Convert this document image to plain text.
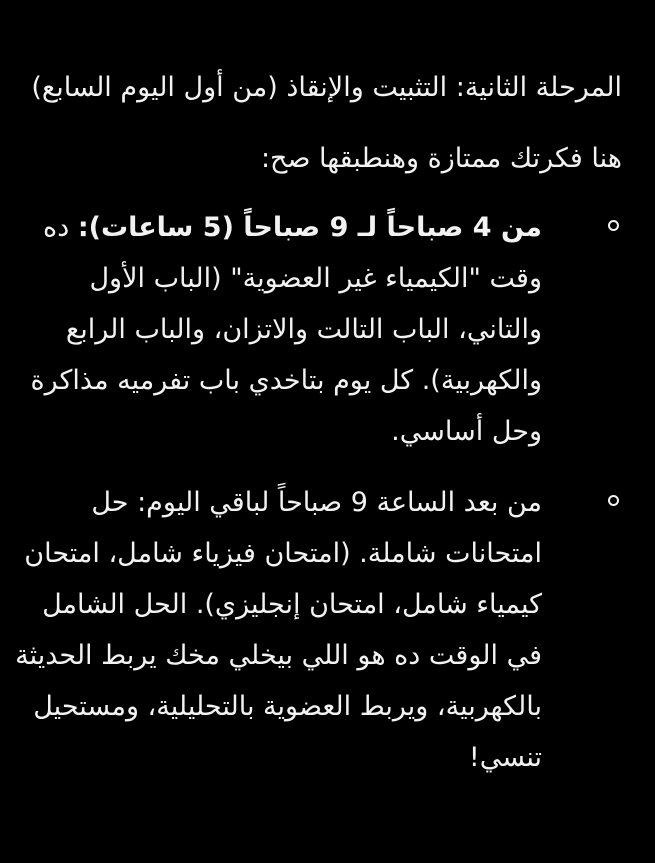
المرحلة الثانية: التثبيت والإنقاذ (من أول اليوم السابع)

هنا فكرتك ممتازة وهنطبقها صح:

من 4 صباحاً لـ 9 صباحاً (5 ساعات): ده وقت "الكيمياء غير العضوية" (الباب الأول والتاني، الباب التالت والاتزان، والباب الرابع والكهربية). كل يوم بتاخدي باب تفرميه مذاكرة وحل أساسي.
من بعد الساعة 9 صباحاً لباقي اليوم: حل امتحانات شاملة. (امتحان فيزياء شامل، امتحان كيمياء شامل، امتحان إنجليزي). الحل الشامل في الوقت ده هو اللي بيخلي مخك يربط الحديثة بالكهربية، ويربط العضوية بالتحليلية، ومستحيل تنسي!
